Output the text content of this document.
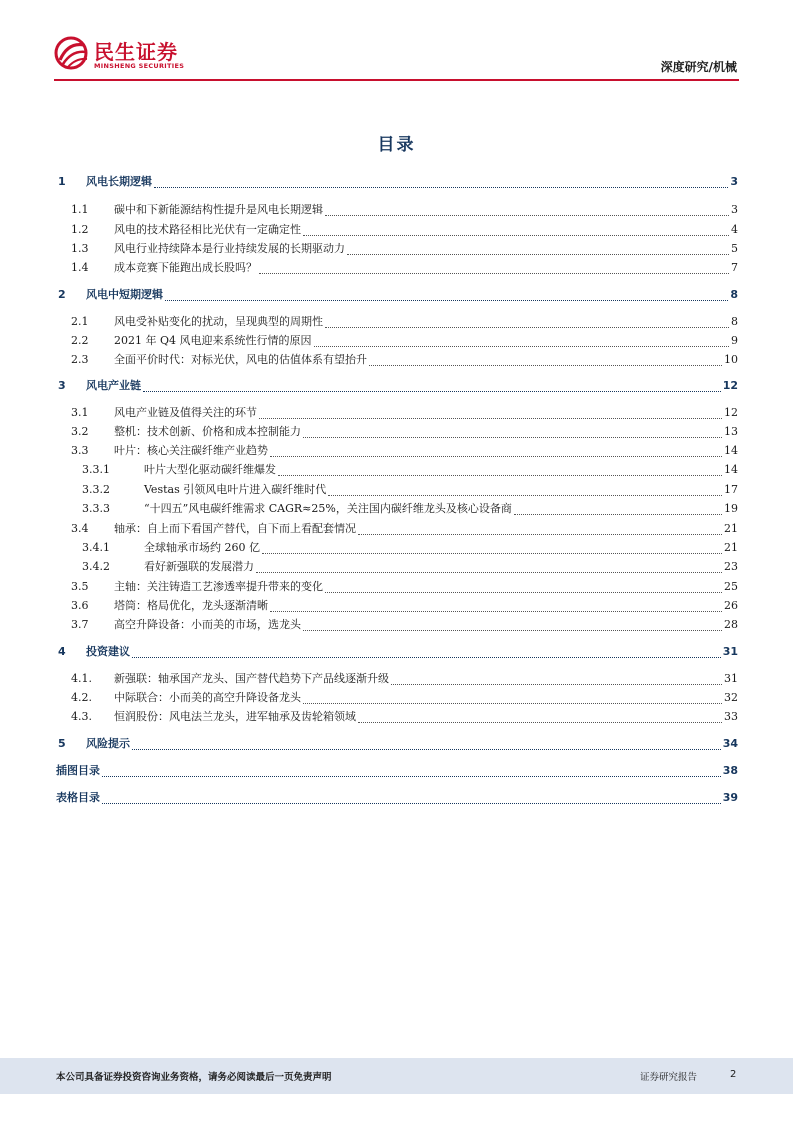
民生证券
MINSHENG SECURITIES	深度研究/机械
目录
1	风电长期逻辑	3
1.1	碳中和下新能源结构性提升是风电长期逻辑	3
1.2	风电的技术路径相比光伏有一定确定性	4
1.3	风电行业持续降本是行业持续发展的长期驱动力	5
1.4	成本竞赛下能跑出成长股吗？	7
2	风电中短期逻辑	8
2.1	风电受补贴变化的扰动，呈现典型的周期性	8
2.2	2021 年 Q4 风电迎来系统性行情的原因	9
2.3	全面平价时代：对标光伏，风电的估值体系有望抬升	10
3	风电产业链	12
3.1	风电产业链及值得关注的环节	12
3.2	整机：技术创新、价格和成本控制能力	13
3.3	叶片：核心关注碳纤维产业趋势	14
3.3.1	叶片大型化驱动碳纤维爆发	14
3.3.2	Vestas 引领风电叶片进入碳纤维时代	17
3.3.3	“十四五”风电碳纤维需求 CAGR≈25%，关注国内碳纤维龙头及核心设备商	19
3.4	轴承：自上而下看国产替代，自下而上看配套情况	21
3.4.1	全球轴承市场约 260 亿	21
3.4.2	看好新强联的发展潜力	23
3.5	主轴：关注铸造工艺渗透率提升带来的变化	25
3.6	塔筒：格局优化，龙头逐渐清晰	26
3.7	高空升降设备：小而美的市场，选龙头	28
4	投资建议	31
4.1.	新强联：轴承国产龙头、国产替代趋势下产品线逐渐升级	31
4.2.	中际联合：小而美的高空升降设备龙头	32
4.3.	恒润股份：风电法兰龙头，进军轴承及齿轮箱领域	33
5	风险提示	34
插图目录	38
表格目录	39
本公司具备证券投资咨询业务资格，请务必阅读最后一页免责声明	证券研究报告	2
